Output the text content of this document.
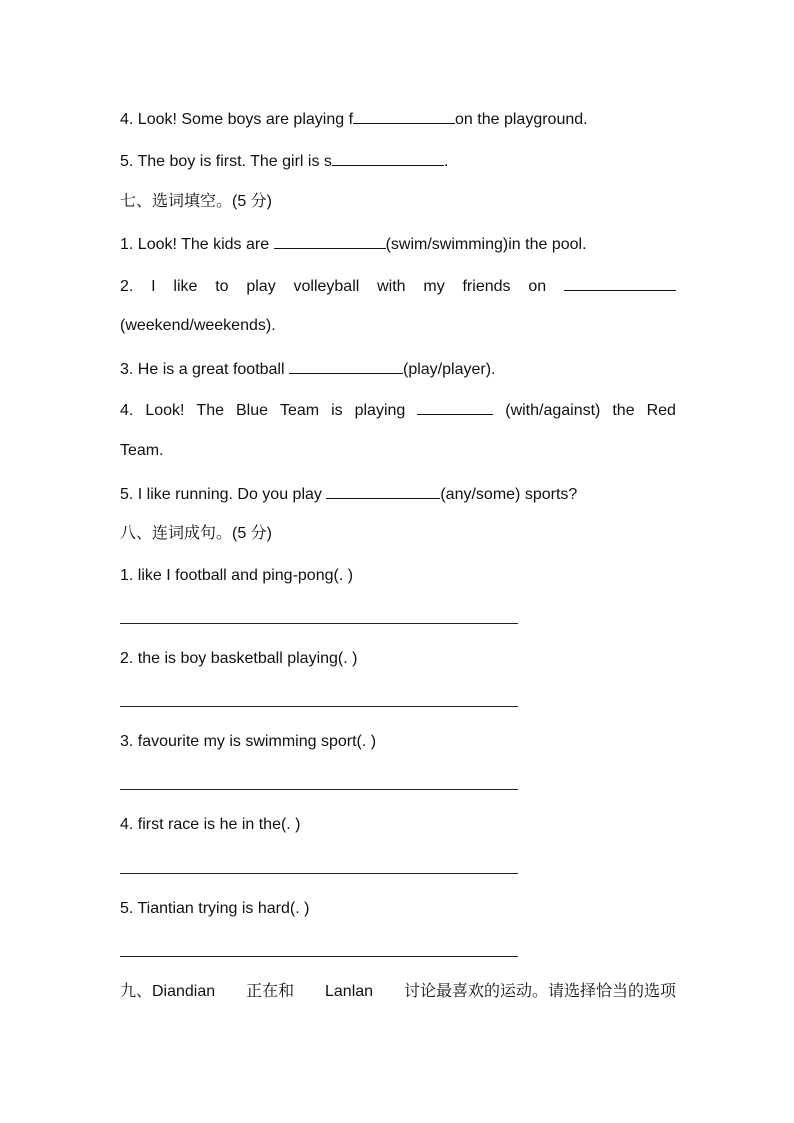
4. Look! Some boys are playing f	on the playground.
5. The boy is first. The girl is s	.
七、选词填空。(5 分)
1. Look! The kids are	(swim/swimming)in the pool.
2. I like to play volleyball with my friends on
(weekend/weekends).
3. He is a great football	(play/player).
4. Look! The Blue Team is playing	(with/against) the Red
Team.
5. I like running. Do you play	(any/some) sports?
八、连词成句。(5 分)
1. like I football and ping-pong(. )
2. the is boy basketball playing(. )
3. favourite my is swimming sport(. )
4. first race is he in the(. )
5. Tiantian trying is hard(. )
九、Diandian 正在和 Lanlan 讨论最喜欢的运动。请选择恰当的选项
